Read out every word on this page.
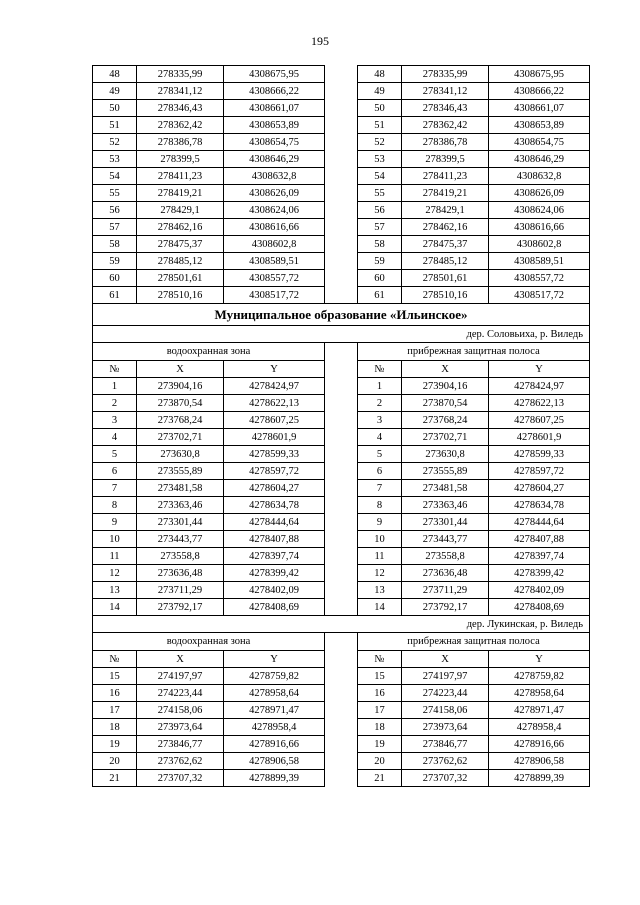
195
48	278335,99	4308675,95		48	278335,99	4308675,95
49	278341,12	4308666,22		49	278341,12	4308666,22
50	278346,43	4308661,07		50	278346,43	4308661,07
51	278362,42	4308653,89		51	278362,42	4308653,89
52	278386,78	4308654,75		52	278386,78	4308654,75
53	278399,5	4308646,29		53	278399,5	4308646,29
54	278411,23	4308632,8		54	278411,23	4308632,8
55	278419,21	4308626,09		55	278419,21	4308626,09
56	278429,1	4308624,06		56	278429,1	4308624,06
57	278462,16	4308616,66		57	278462,16	4308616,66
58	278475,37	4308602,8		58	278475,37	4308602,8
59	278485,12	4308589,51		59	278485,12	4308589,51
60	278501,61	4308557,72		60	278501,61	4308557,72
61	278510,16	4308517,72		61	278510,16	4308517,72
Муниципальное образование «Ильинское»						
дер. Соловьиха, р. Виледь						
водоохранная зона				прибрежная защитная полоса		
№	X	Y		№	X	Y
1	273904,16	4278424,97		1	273904,16	4278424,97
2	273870,54	4278622,13		2	273870,54	4278622,13
3	273768,24	4278607,25		3	273768,24	4278607,25
4	273702,71	4278601,9		4	273702,71	4278601,9
5	273630,8	4278599,33		5	273630,8	4278599,33
6	273555,89	4278597,72		6	273555,89	4278597,72
7	273481,58	4278604,27		7	273481,58	4278604,27
8	273363,46	4278634,78		8	273363,46	4278634,78
9	273301,44	4278444,64		9	273301,44	4278444,64
10	273443,77	4278407,88		10	273443,77	4278407,88
11	273558,8	4278397,74		11	273558,8	4278397,74
12	273636,48	4278399,42		12	273636,48	4278399,42
13	273711,29	4278402,09		13	273711,29	4278402,09
14	273792,17	4278408,69		14	273792,17	4278408,69
дер. Лукинская, р. Виледь						
водоохранная зона				прибрежная защитная полоса		
№	X	Y		№	X	Y
15	274197,97	4278759,82		15	274197,97	4278759,82
16	274223,44	4278958,64		16	274223,44	4278958,64
17	274158,06	4278971,47		17	274158,06	4278971,47
18	273973,64	4278958,4		18	273973,64	4278958,4
19	273846,77	4278916,66		19	273846,77	4278916,66
20	273762,62	4278906,58		20	273762,62	4278906,58
21	273707,32	4278899,39		21	273707,32	4278899,39
